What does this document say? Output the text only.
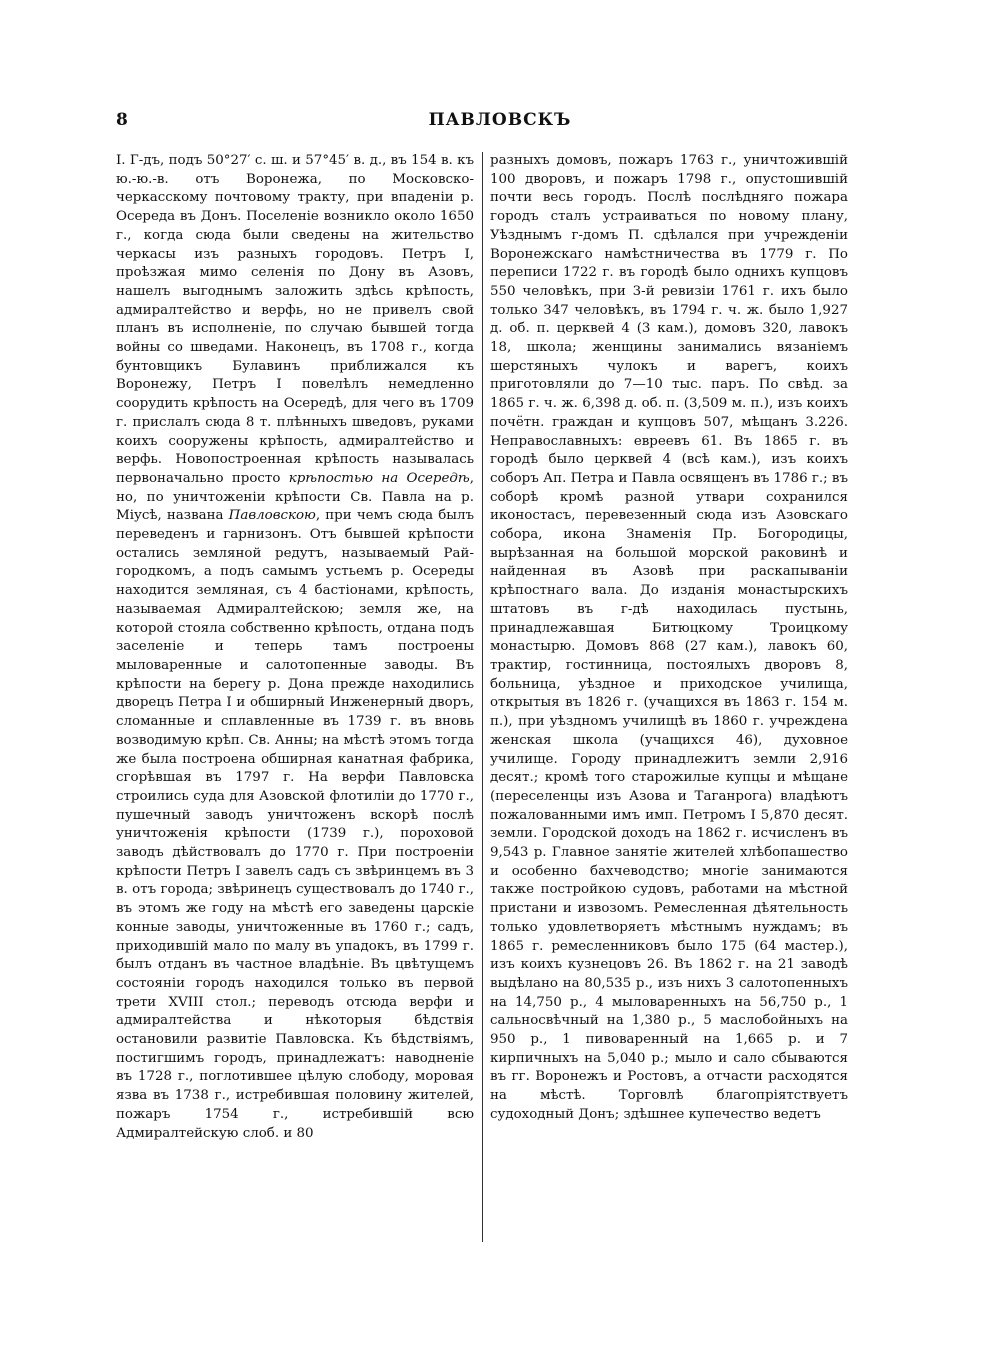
8	ПАВЛОВСКЪ

I. Г-дъ, подъ 50°27′ с. ш. и 57°45′ в. д., въ 154 в. къ ю.-ю.-в. отъ Воронежа, по Московско-черкасскому почтовому тракту, при впаденіи р. Осереда въ Донъ. Поселеніе возникло около 1650 г., когда сюда были сведены на жительство черкасы изъ разныхъ городовъ. Петръ I, проѣзжая мимо селенія по Дону въ Азовъ, нашелъ выгоднымъ заложить здѣсь крѣпость, адмиралтейство и верфь, но не привелъ свой планъ въ исполненіе, по случаю бывшей тогда войны со шведами. Наконецъ, въ 1708 г., когда бунтовщикъ Булавинъ приближался къ Воронежу, Петръ I повелѣлъ немедленно соорудить крѣпость на Осередѣ, для чего въ 1709 г. прислалъ сюда 8 т. плѣнныхъ шведовъ, руками коихъ сооружены крѣпость, адмиралтейство и верфь. Новопостроенная крѣпость называлась первоначально просто крѣпостью на Осередѣ, но, по уничтоженіи крѣпости Св. Павла на р. Міусѣ, названа Павловскою, при чемъ сюда былъ переведенъ и гарнизонъ. Отъ бывшей крѣпости остались земляной редутъ, называемый Рай-городкомъ, а подъ самымъ устьемъ р. Осереды находится земляная, съ 4 бастіонами, крѣпость, называемая Адмиралтейскою; земля же, на которой стояла собственно крѣпость, отдана подъ заселеніе и теперь тамъ построены мыловаренные и салотопенные заводы. Въ крѣпости на берегу р. Дона прежде находились дворецъ Петра I и обширный Инженерный дворъ, сломанные и сплавленные въ 1739 г. въ вновь возводимую крѣп. Св. Анны; на мѣстѣ этомъ тогда же была построена обширная канатная фабрика, сгорѣвшая въ 1797 г. На верфи Павловска строились суда для Азовской флотиліи до 1770 г., пушечный заводъ уничтоженъ вскорѣ послѣ уничтоженія крѣпости (1739 г.), пороховой заводъ дѣйствовалъ до 1770 г. При построеніи крѣпости Петръ I завелъ садъ съ звѣринцемъ въ 3 в. отъ города; звѣринецъ существовалъ до 1740 г., въ этомъ же году на мѣстѣ его заведены царскіе конные заводы, уничтоженные въ 1760 г.; садъ, приходившій мало по малу въ упадокъ, въ 1799 г. былъ отданъ въ частное владѣніе. Въ цвѣтущемъ состояніи городъ находился только въ первой трети XVIII стол.; переводъ отсюда верфи и адмиралтейства и нѣкоторыя бѣдствія остановили развитіе Павловска. Къ бѣдствіямъ, постигшимъ городъ, принадлежатъ: наводненіе въ 1728 г., поглотившее цѣлую слободу, моровая язва въ 1738 г., истребившая половину жителей, пожаръ 1754 г., истребившій всю Адмиралтейскую слоб. и 80

разныхъ домовъ, пожаръ 1763 г., уничтожившій 100 дворовъ, и пожаръ 1798 г., опустошившій почти весь городъ. Послѣ послѣдняго пожара городъ сталъ устраиваться по новому плану, Уѣзднымъ г-домъ П. сдѣлался при учрежденіи Воронежскаго намѣстничества въ 1779 г. По переписи 1722 г. въ городѣ было однихъ купцовъ 550 человѣкъ, при 3-й ревизіи 1761 г. ихъ было только 347 человѣкъ, въ 1794 г. ч. ж. было 1,927 д. об. п. церквей 4 (3 кам.), домовъ 320, лавокъ 18, школа; женщины занимались вязаніемъ шерстяныхъ чулокъ и варегъ, коихъ приготовляли до 7—10 тыс. паръ. По свѣд. за 1865 г. ч. ж. 6,398 д. об. п. (3,509 м. п.), изъ коихъ почётн. граждан и купцовъ 507, мѣщанъ 3.226. Неправославныхъ: евреевъ 61. Въ 1865 г. въ городѣ было церквей 4 (всѣ кам.), изъ коихъ соборъ Ап. Петра и Павла освященъ въ 1786 г.; въ соборѣ кромѣ разной утвари сохранился иконостасъ, перевезенный сюда изъ Азовскаго собора, икона Знаменія Пр. Богородицы, вырѣзанная на большой морской раковинѣ и найденная въ Азовѣ при раскапываніи крѣпостнаго вала. До изданія монастырскихъ штатовъ въ г-дѣ находилась пустынь, принадлежавшая Битюцкому Троицкому монастырю. Домовъ 868 (27 кам.), лавокъ 60, трактир, гостинница, постоялыхъ дворовъ 8, больница, уѣздное и приходское училища, открытыя въ 1826 г. (учащихся въ 1863 г. 154 м. п.), при уѣздномъ училищѣ въ 1860 г. учреждена женская школа (учащихся 46), духовное училище. Городу принадлежитъ земли 2,916 десят.; кромѣ того старожилые купцы и мѣщане (переселенцы изъ Азова и Таганрога) владѣютъ пожалованными имъ имп. Петромъ I 5,870 десят. земли. Городской доходъ на 1862 г. исчисленъ въ 9,543 р. Главное занятіе жителей хлѣбопашество и особенно бахчеводство; многіе занимаются также постройкою судовъ, работами на мѣстной пристани и извозомъ. Ремесленная дѣятельность только удовлетворяетъ мѣстнымъ нуждамъ; въ 1865 г. ремесленниковъ было 175 (64 мастер.), изъ коихъ кузнецовъ 26. Въ 1862 г. на 21 заводѣ выдѣлано на 80,535 р., изъ нихъ 3 салотопенныхъ на 14,750 р., 4 мыловаренныхъ на 56,750 р., 1 сальносвѣчный на 1,380 р., 5 маслобойныхъ на 950 р., 1 пивоваренный на 1,665 р. и 7 кирпичныхъ на 5,040 р.; мыло и сало сбываются въ гг. Воронежъ и Ростовъ, а отчасти расходятся на мѣстѣ. Торговлѣ благопріятствуетъ судоходный Донъ; здѣшнее купечество ведетъ
